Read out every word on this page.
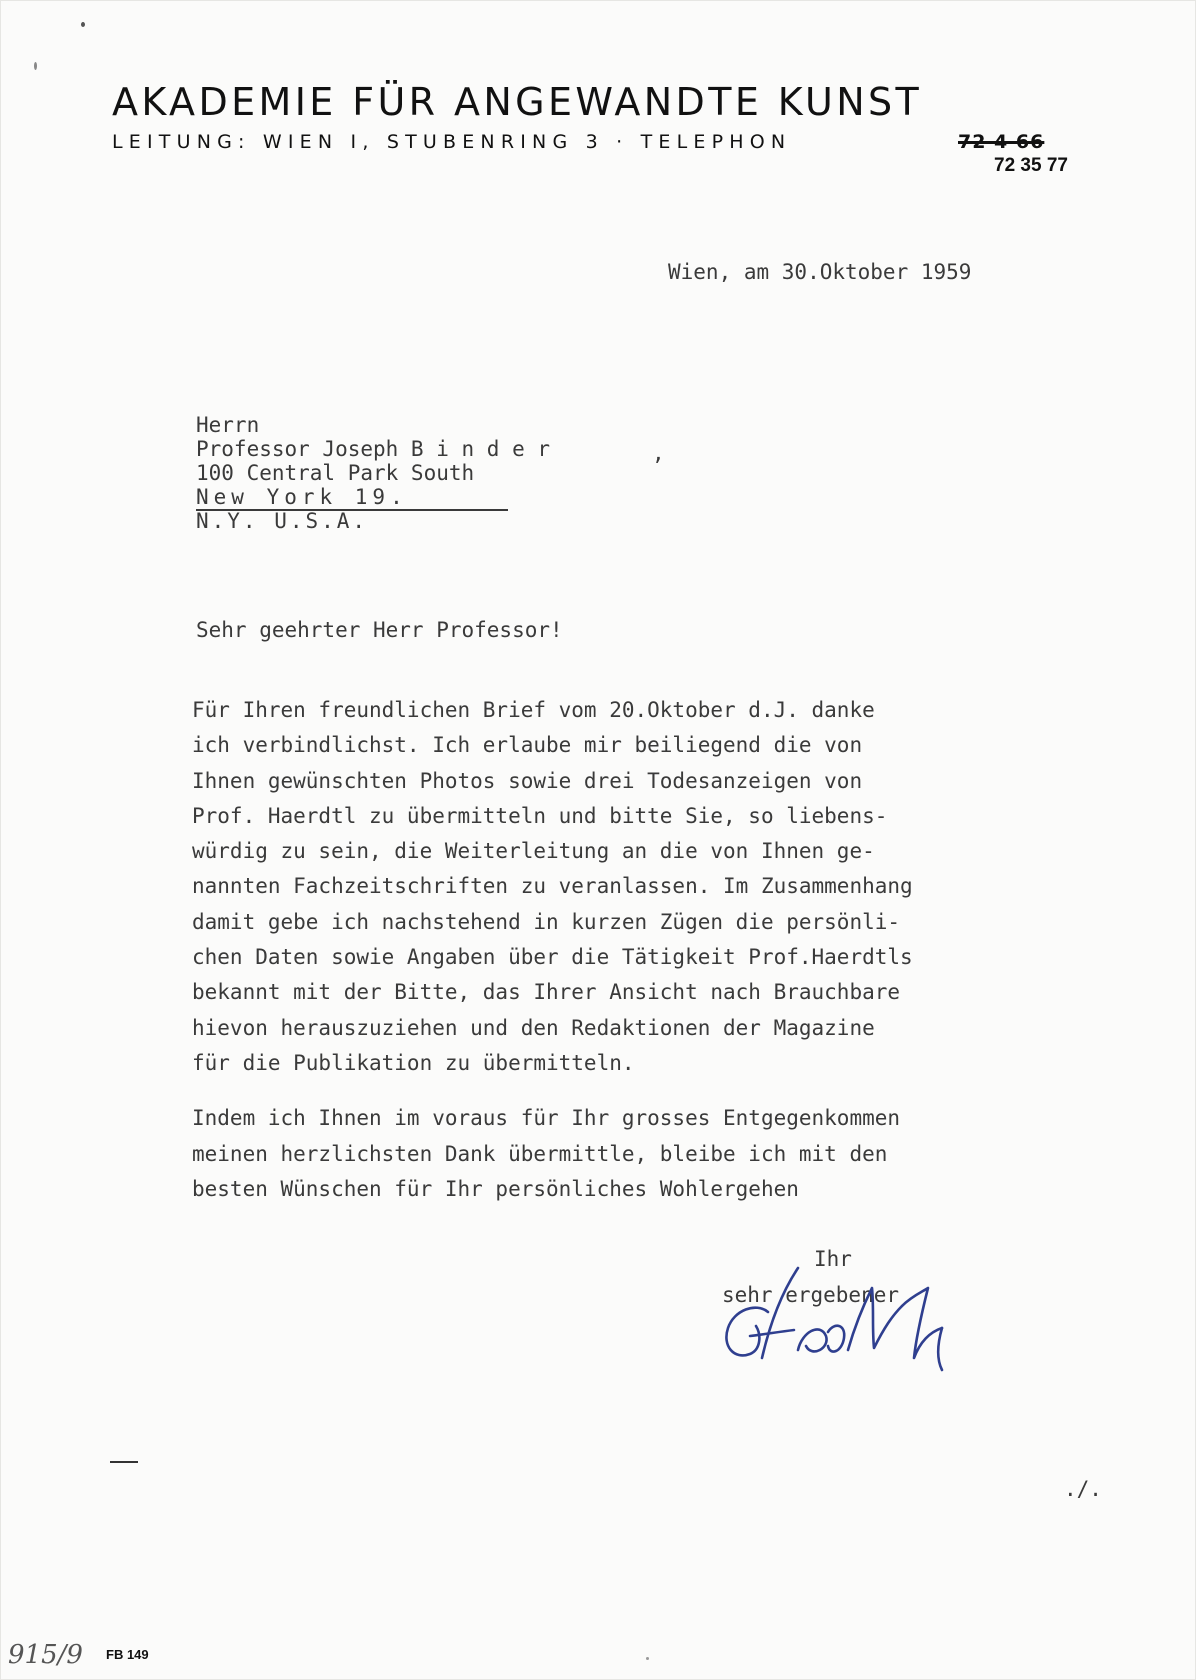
AKADEMIE FÜR ANGEWANDTE KUNST
LEITUNG: WIEN I, STUBENRING 3 · TELEPHON	72 4 66
72 35 77
Wien, am 30.Oktober 1959
Herrn
Professor Joseph B i n d e r	,
100 Central Park South
New York 19.
N.Y. U.S.A.
Sehr geehrter Herr Professor!
Für Ihren freundlichen Brief vom 20.Oktober d.J. danke
ich verbindlichst. Ich erlaube mir beiliegend die von
Ihnen gewünschten Photos sowie drei Todesanzeigen von
Prof. Haerdtl zu übermitteln und bitte Sie, so liebens-
würdig zu sein, die Weiterleitung an die von Ihnen ge-
nannten Fachzeitschriften zu veranlassen. Im Zusammenhang
damit gebe ich nachstehend in kurzen Zügen die persönli-
chen Daten sowie Angaben über die Tätigkeit Prof.Haerdtls
bekannt mit der Bitte, das Ihrer Ansicht nach Brauchbare
hievon herauszuziehen und den Redaktionen der Magazine
für die Publikation zu übermitteln.
Indem ich Ihnen im voraus für Ihr grosses Entgegenkommen
meinen herzlichsten Dank übermittle, bleibe ich mit den
besten Wünschen für Ihr persönliches Wohlergehen
Ihr
sehr ergebener
./.
915/9 FB 149
